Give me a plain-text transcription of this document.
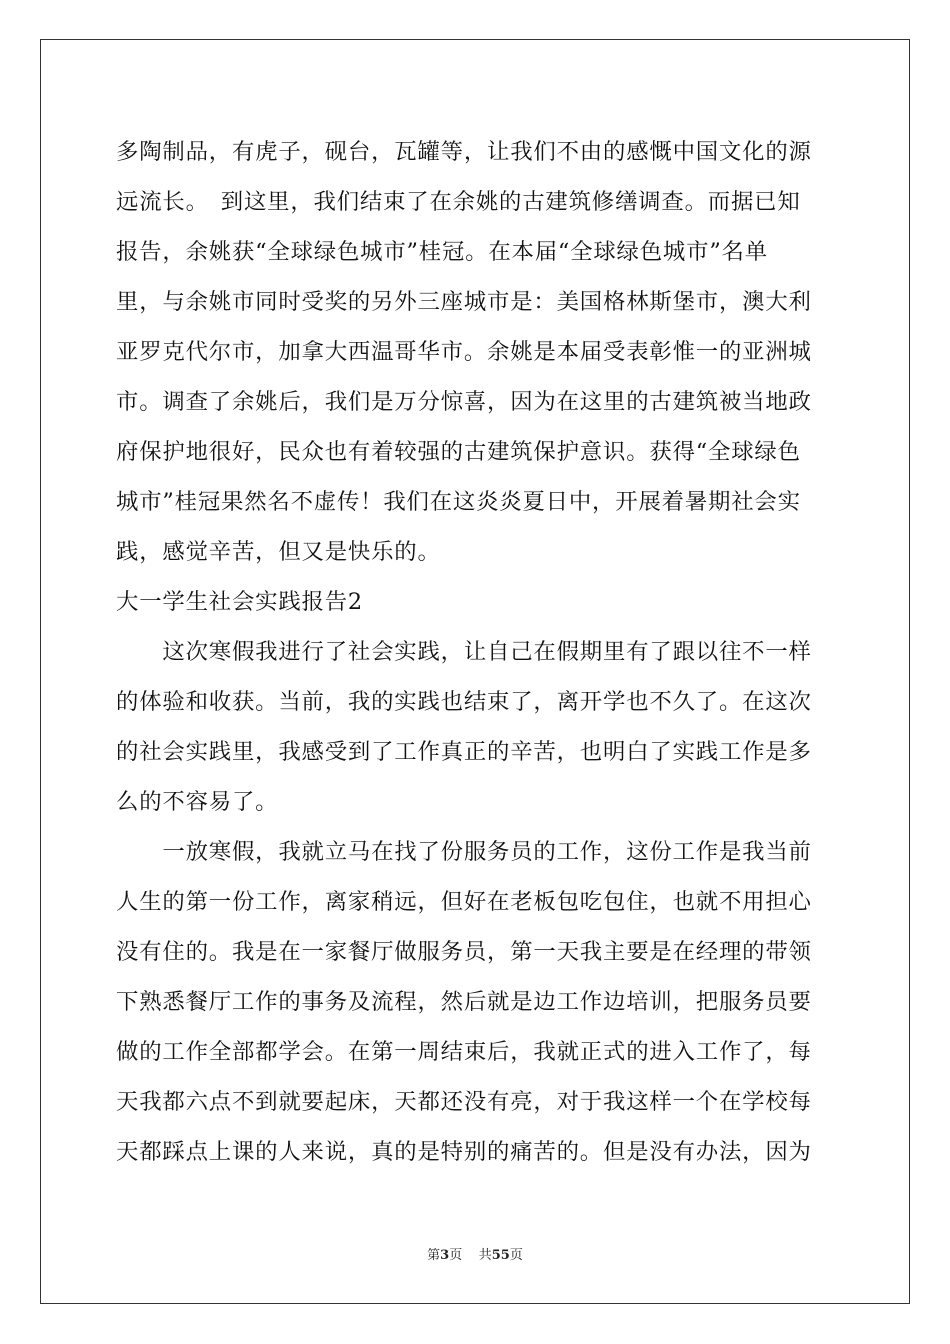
多陶制品，有虎子，砚台，瓦罐等，让我们不由的感慨中国文化的源
远流长。　到这里，我们结束了在余姚的古建筑修缮调查。而据已知
报告，余姚获“全球绿色城市”桂冠。在本届“全球绿色城市”名单
里，与余姚市同时受奖的另外三座城市是：美国格林斯堡市，澳大利
亚罗克代尔市，加拿大西温哥华市。余姚是本届受表彰惟一的亚洲城
市。调查了余姚后，我们是万分惊喜，因为在这里的古建筑被当地政
府保护地很好，民众也有着较强的古建筑保护意识。获得“全球绿色
城市”桂冠果然名不虚传！我们在这炎炎夏日中，开展着暑期社会实
践，感觉辛苦，但又是快乐的。
大一学生社会实践报告2
　　这次寒假我进行了社会实践，让自己在假期里有了跟以往不一样
的体验和收获。当前，我的实践也结束了，离开学也不久了。在这次
的社会实践里，我感受到了工作真正的辛苦，也明白了实践工作是多
么的不容易了。
　　一放寒假，我就立马在找了份服务员的工作，这份工作是我当前
人生的第一份工作，离家稍远，但好在老板包吃包住，也就不用担心
没有住的。我是在一家餐厅做服务员，第一天我主要是在经理的带领
下熟悉餐厅工作的事务及流程，然后就是边工作边培训，把服务员要
做的工作全部都学会。在第一周结束后，我就正式的进入工作了，每
天我都六点不到就要起床，天都还没有亮，对于我这样一个在学校每
天都踩点上课的人来说，真的是特别的痛苦的。但是没有办法，因为
第3页 共55页
